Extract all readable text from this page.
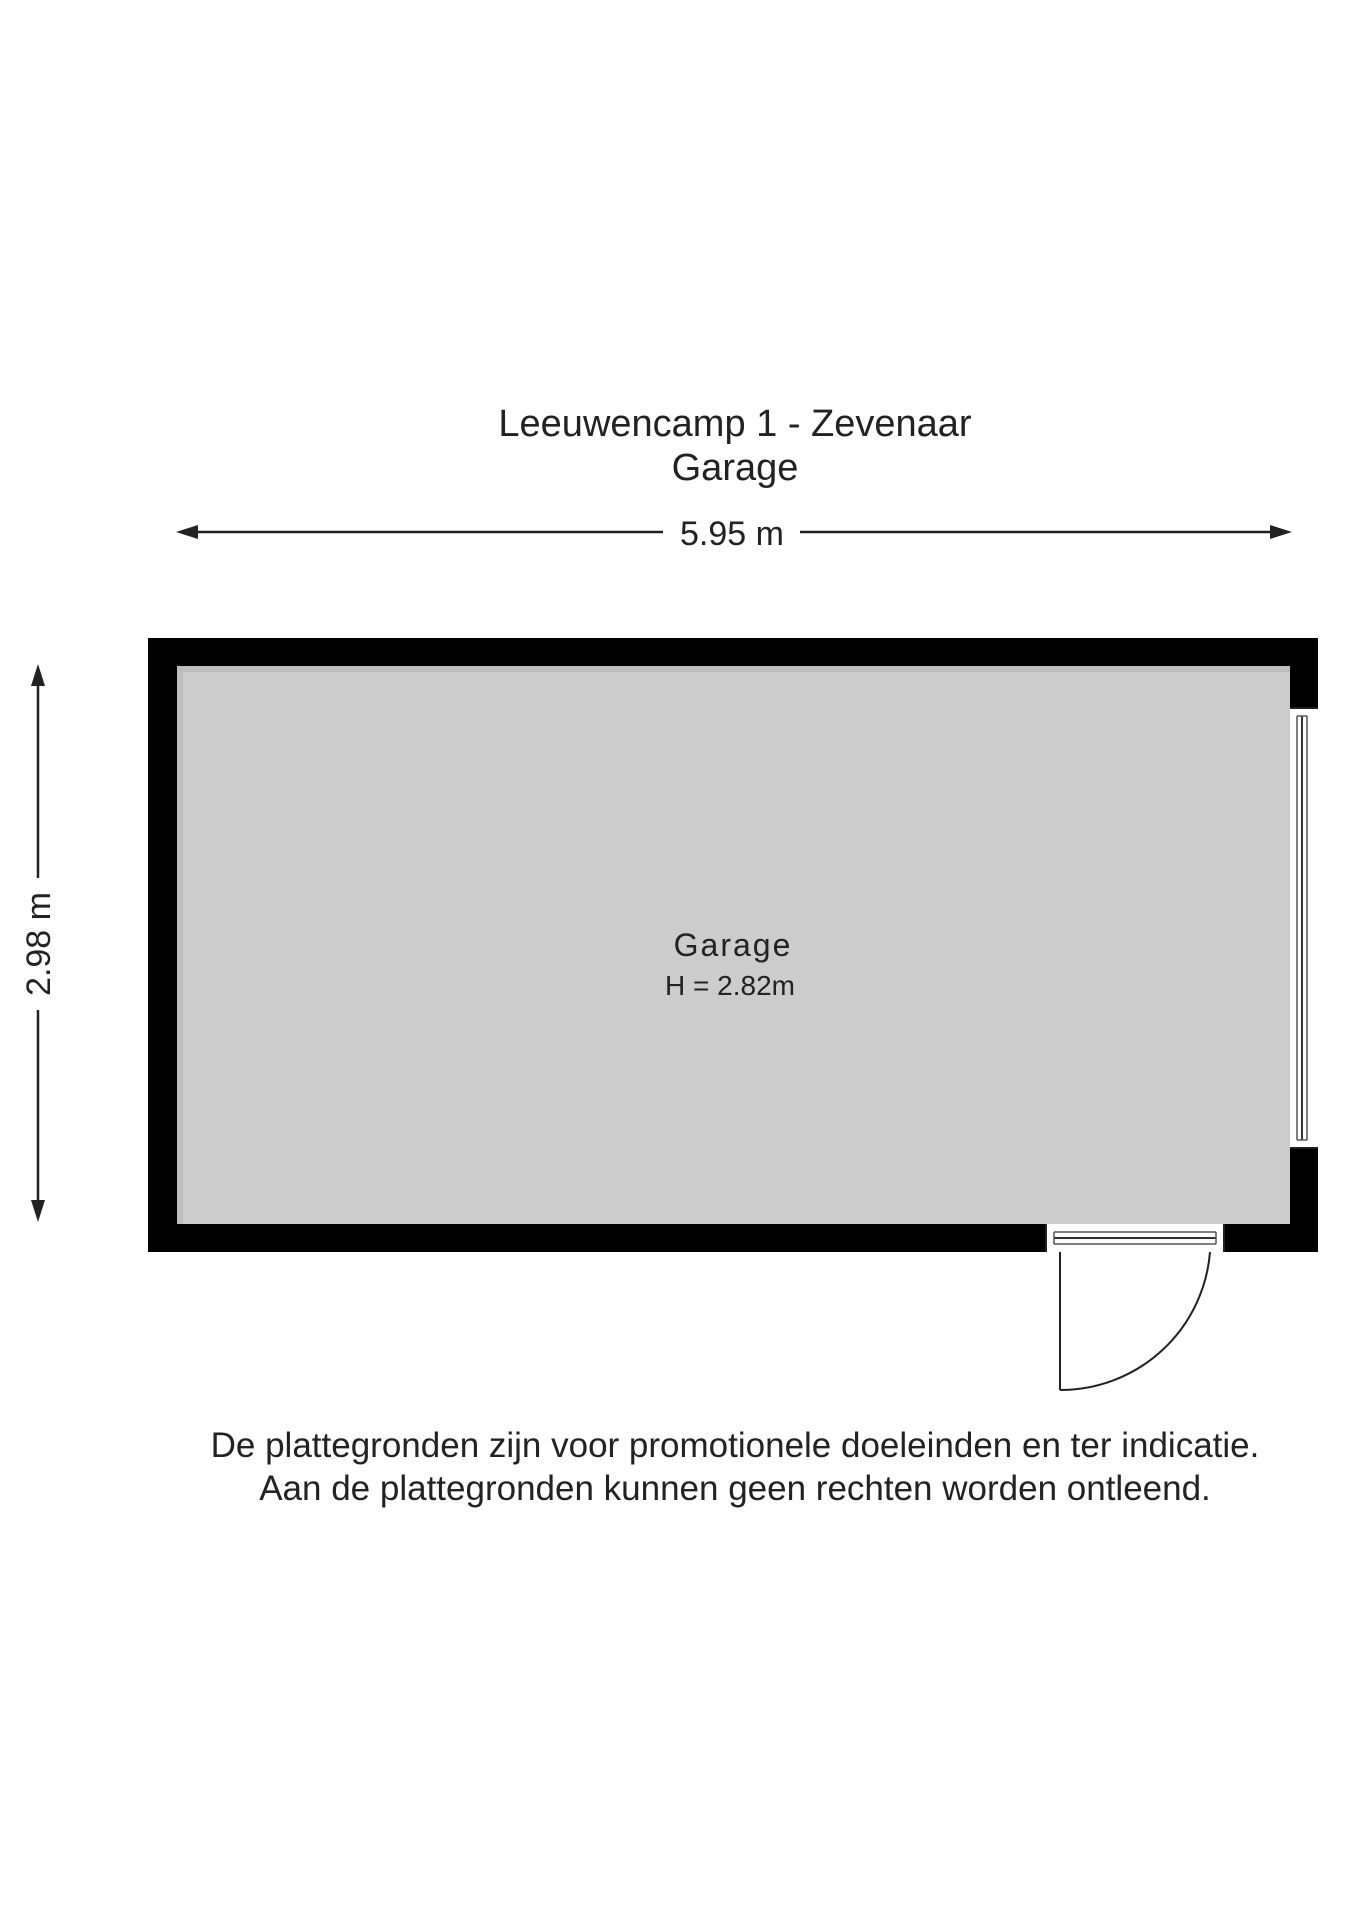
Leeuwencamp 1 - Zevenaar
Garage
5.95 m
2.98 m	Garage
H = 2.82m
De plattegronden zijn voor promotionele doeleinden en ter indicatie.
Aan de plattegronden kunnen geen rechten worden ontleend.
